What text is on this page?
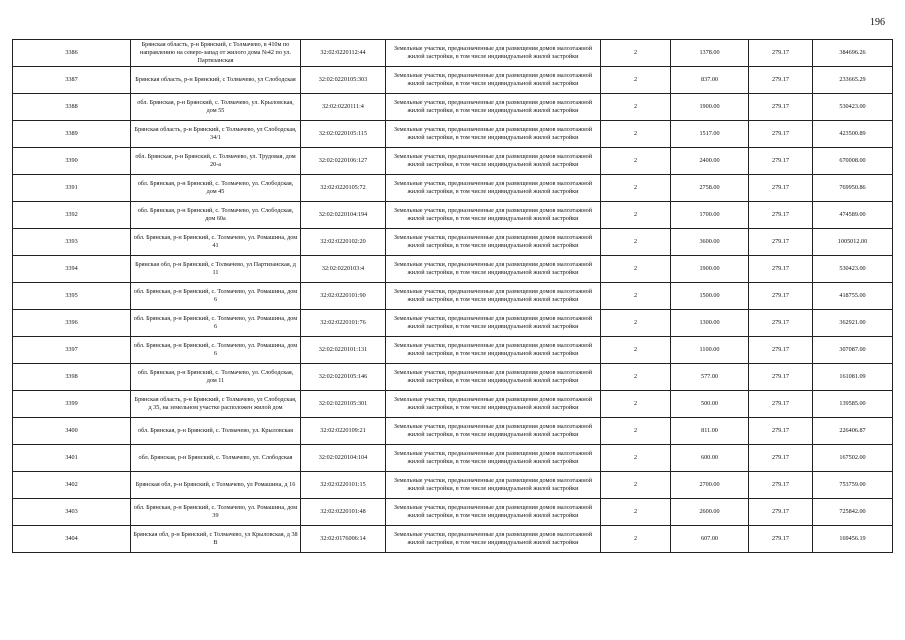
196
3386	Брянская область, р-н Брянский, с Толмачево, в 410м по направлению на северо-запад от жилого дома №42 по ул. Партизанская	32:02:0220112:44	Земельные участки, предназначенные для размещения домов малоэтажной жилой застройки, в том числе индивидуальной жилой застройки	2	1378.00	279.17	384696.26
3387	Брянская область, р-н Брянский, с Толмачево, ул Слободская	32:02:0220105:303	Земельные участки, предназначенные для размещения домов малоэтажной жилой застройки, в том числе индивидуальной жилой застройки	2	837.00	279.17	233665.29
3388	обл. Брянская, р-н Брянский, с. Толмачево, ул. Крыловская, дом 55	32:02:0220111:4	Земельные участки, предназначенные для размещения домов малоэтажной жилой застройки, в том числе индивидуальной жилой застройки	2	1900.00	279.17	530423.00
3389	Брянская область, р-н Брянский, с Толмачево, ул Слободская, 34/1	32:02:0220105:115	Земельные участки, предназначенные для размещения домов малоэтажной жилой застройки, в том числе индивидуальной жилой застройки	2	1517.00	279.17	423500.89
3390	обл. Брянская, р-н Брянский, с. Толмачево, ул. Трудовая, дом 20-а	32:02:0220106:127	Земельные участки, предназначенные для размещения домов малоэтажной жилой застройки, в том числе индивидуальной жилой застройки	2	2400.00	279.17	670008.00
3391	обл. Брянская, р-н Брянский, с. Толмачево, ул. Слободская, дом 45	32:02:0220105:72	Земельные участки, предназначенные для размещения домов малоэтажной жилой застройки, в том числе индивидуальной жилой застройки	2	2758.00	279.17	769950.86
3392	обл. Брянская, р-н Брянский, с. Толмачево, ул. Слободская, дом 60а	32:02:0220104:194	Земельные участки, предназначенные для размещения домов малоэтажной жилой застройки, в том числе индивидуальной жилой застройки	2	1700.00	279.17	474589.00
3393	обл. Брянская, р-н Брянский, с. Толмачево, ул. Ромашина, дом 41	32:02:0220102:20	Земельные участки, предназначенные для размещения домов малоэтажной жилой застройки, в том числе индивидуальной жилой застройки	2	3600.00	279.17	1005012.00
3394	Брянская обл, р-н Брянский, с Толмачево, ул Партизанская, д 11	32:02:0220103:4	Земельные участки, предназначенные для размещения домов малоэтажной жилой застройки, в том числе индивидуальной жилой застройки	2	1900.00	279.17	530423.00
3395	обл. Брянская, р-н Брянский, с. Толмачево, ул. Ромашина, дом 6	32:02:0220101:90	Земельные участки, предназначенные для размещения домов малоэтажной жилой застройки, в том числе индивидуальной жилой застройки	2	1500.00	279.17	418755.00
3396	обл. Брянская, р-н Брянский, с. Толмачево, ул. Ромашина, дом 6	32:02:0220101:76	Земельные участки, предназначенные для размещения домов малоэтажной жилой застройки, в том числе индивидуальной жилой застройки	2	1300.00	279.17	362921.00
3397	обл. Брянская, р-н Брянский, с. Толмачево, ул. Ромашина, дом 6	32:02:0220101:131	Земельные участки, предназначенные для размещения домов малоэтажной жилой застройки, в том числе индивидуальной жилой застройки	2	1100.00	279.17	307087.00
3398	обл. Брянская, р-н Брянский, с. Толмачево, ул. Слободская, дом 11	32:02:0220105:146	Земельные участки, предназначенные для размещения домов малоэтажной жилой застройки, в том числе индивидуальной жилой застройки	2	577.00	279.17	161081.09
3399	Брянская область, р-н Брянский, с Толмачево, ул Слободская, д 35, на земельном участке расположен жилой дом	32:02:0220105:301	Земельные участки, предназначенные для размещения домов малоэтажной жилой застройки, в том числе индивидуальной жилой застройки	2	500.00	279.17	139585.00
3400	обл. Брянская, р-н Брянский, с. Толмачево, ул. Крыловская	32:02:0220109:21	Земельные участки, предназначенные для размещения домов малоэтажной жилой застройки, в том числе индивидуальной жилой застройки	2	811.00	279.17	226406.87
3401	обл. Брянская, р-н Брянский, с. Толмачево, ул. Слободская	32:02:0220104:104	Земельные участки, предназначенные для размещения домов малоэтажной жилой застройки, в том числе индивидуальной жилой застройки	2	600.00	279.17	167502.00
3402	Брянская обл, р-н Брянский, с Толмачево, ул Ромашина, д 16	32:02:0220101:15	Земельные участки, предназначенные для размещения домов малоэтажной жилой застройки, в том числе индивидуальной жилой застройки	2	2700.00	279.17	753759.00
3403	обл. Брянская, р-н Брянский, с. Толмачево, ул. Ромашина, дом 39	32:02:0220101:48	Земельные участки, предназначенные для размещения домов малоэтажной жилой застройки, в том числе индивидуальной жилой застройки	2	2600.00	279.17	725842.00
3404	Брянская обл, р-н Брянский, с Толмачево, ул Крыловская, д 38 В	32:02:0176006:14	Земельные участки, предназначенные для размещения домов малоэтажной жилой застройки, в том числе индивидуальной жилой застройки	2	607.00	279.17	169456.19
